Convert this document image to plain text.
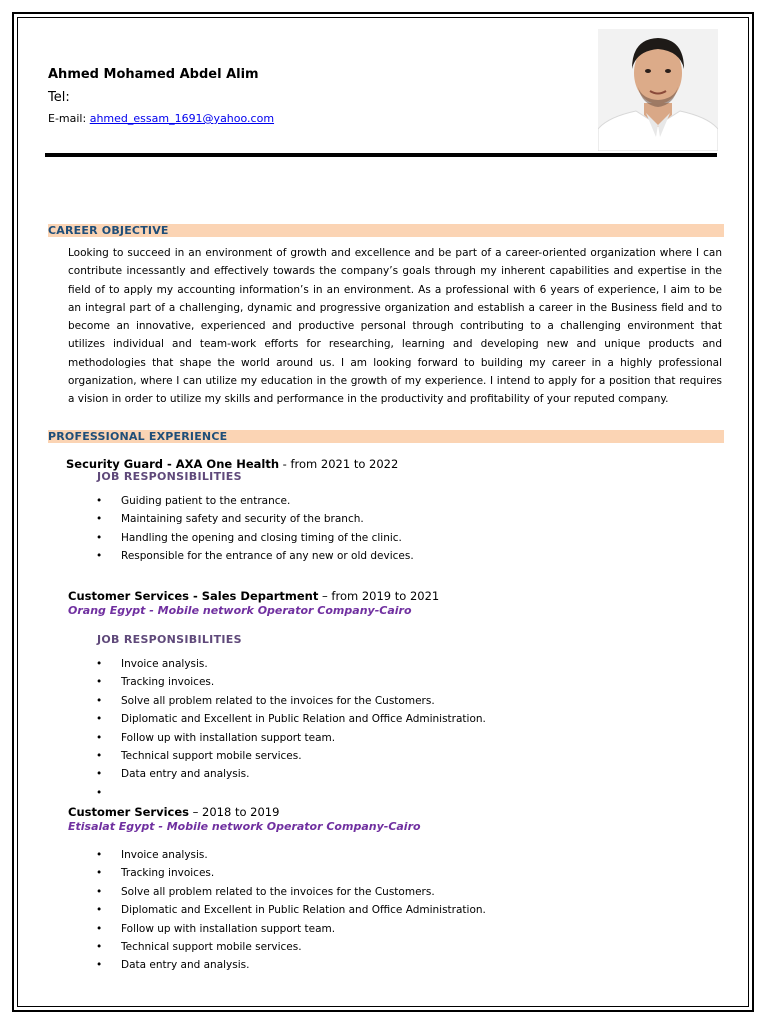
Ahmed Mohamed Abdel Alim
Tel:
E-mail: ahmed_essam_1691@yahoo.com
CAREER OBJECTIVE

Looking to succeed in an environment of growth and excellence and be part of a career-oriented organization where I can contribute incessantly and effectively towards the company’s goals through my inherent capabilities and expertise in the field of to apply my accounting information’s in an environment. As a professional with 6 years of experience, I aim to be an integral part of a challenging, dynamic and progressive organization and establish a career in the Business field and to become an innovative, experienced and productive personal through contributing to a challenging environment that utilizes individual and team-work efforts for researching, learning and developing new and unique products and methodologies that shape the world around us. I am looking forward to building my career in a highly professional organization, where I can utilize my education in the growth of my experience. I intend to apply for a position that requires a vision in order to utilize my skills and performance in the productivity and profitability of your reputed company.

PROFESSIONAL EXPERIENCE
Security Guard - AXA One Health - from 2021 to 2022
JOB RESPONSIBILITIES
• Guiding patient to the entrance.
• Maintaining safety and security of the branch.
• Handling the opening and closing timing of the clinic.
• Responsible for the entrance of any new or old devices.
Customer Services - Sales Department – from 2019 to 2021
Orang Egypt - Mobile network Operator Company-Cairo
JOB RESPONSIBILITIES
• Invoice analysis.
• Tracking invoices.
• Solve all problem related to the invoices for the Customers.
• Diplomatic and Excellent in Public Relation and Office Administration.
• Follow up with installation support team.
• Technical support mobile services.
• Data entry and analysis.
•
Customer Services – 2018 to 2019
Etisalat Egypt - Mobile network Operator Company-Cairo
• Invoice analysis.
• Tracking invoices.
• Solve all problem related to the invoices for the Customers.
• Diplomatic and Excellent in Public Relation and Office Administration.
• Follow up with installation support team.
• Technical support mobile services.
• Data entry and analysis.
